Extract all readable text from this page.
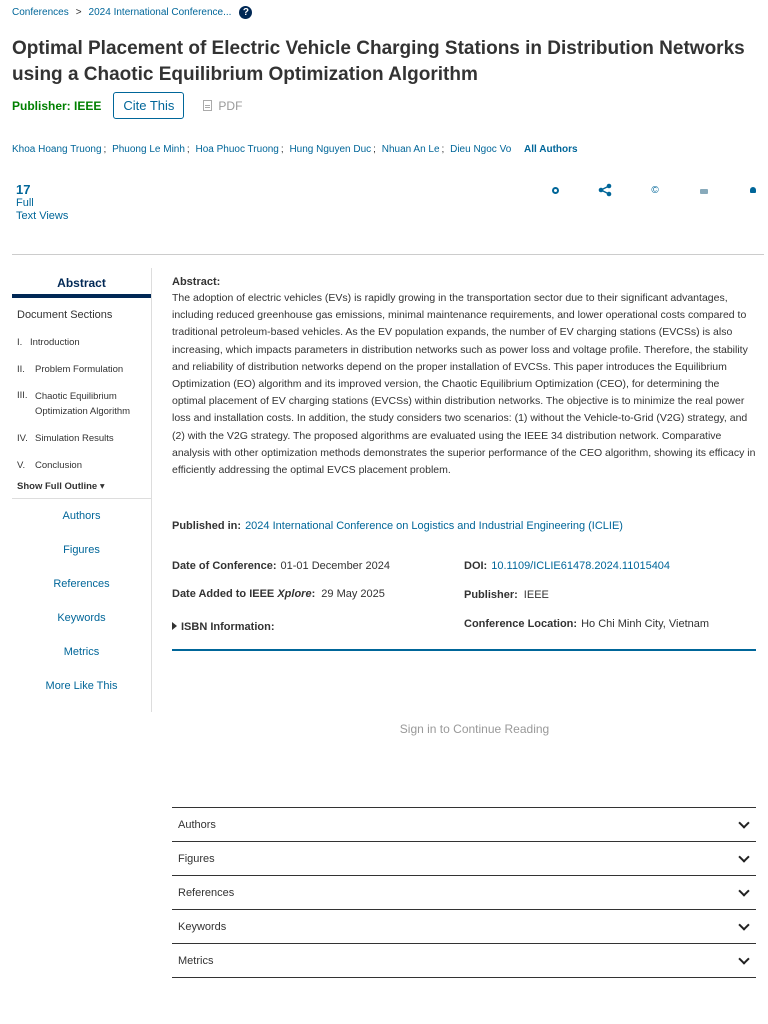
Conferences > 2024 International Conference...	?
Optimal Placement of Electric Vehicle Charging Stations in Distribution Networks using a Chaotic Equilibrium Optimization Algorithm
Publisher: IEEE	Cite This	PDF
Khoa Hoang Truong ; Phuong Le Minh ; Hoa Phuoc Truong ; Hung Nguyen Duc ; Nhuan An Le ; Dieu Ngoc Vo All Authors
17
Full
Text Views
©
Abstract
Document Sections
I. Introduction
II.	Problem Formulation
III. Chaotic Equilibrium
Optimization Algorithm
IV. Simulation Results
V.	Conclusion
Show Full Outline ▾
Authors
Figures
References
Keywords
Metrics
More Like This
Abstract:

The adoption of electric vehicles (EVs) is rapidly growing in the transportation sector due to their significant advantages, including reduced greenhouse gas emissions, minimal maintenance requirements, and lower operational costs compared to traditional petroleum-based vehicles. As the EV population expands, the number of EV charging stations (EVCSs) is also increasing, which impacts parameters in distribution networks such as power loss and voltage profile. Therefore, the stability and reliability of distribution networks depend on the proper installation of EVCSs. This paper introduces the Equilibrium Optimization (EO) algorithm and its improved version, the Chaotic Equilibrium Optimization (CEO), for determining the optimal placement of EV charging stations (EVCSs) within distribution networks. The objective is to minimize the real power loss and installation costs. In addition, the study considers two scenarios: (1) without the Vehicle-to-Grid (V2G) strategy, and (2) with the V2G strategy. The proposed algorithms are evaluated using the IEEE 34 distribution network. Comparative analysis with other optimization methods demonstrates the superior performance of the CEO algorithm, showing its efficacy in efficiently addressing the optimal EVCS placement problem.

Published in: 2024 International Conference on Logistics and Industrial Engineering (ICLIE)
Date of Conference: 01-01 December 2024	DOI: 10.1109/ICLIE61478.2024.11015404
Date Added to IEEE Xplore: 29 May 2025	Publisher: IEEE
ISBN Information:	Conference Location: Ho Chi Minh City, Vietnam
Sign in to Continue Reading
Authors
Figures
References
Keywords
Metrics
